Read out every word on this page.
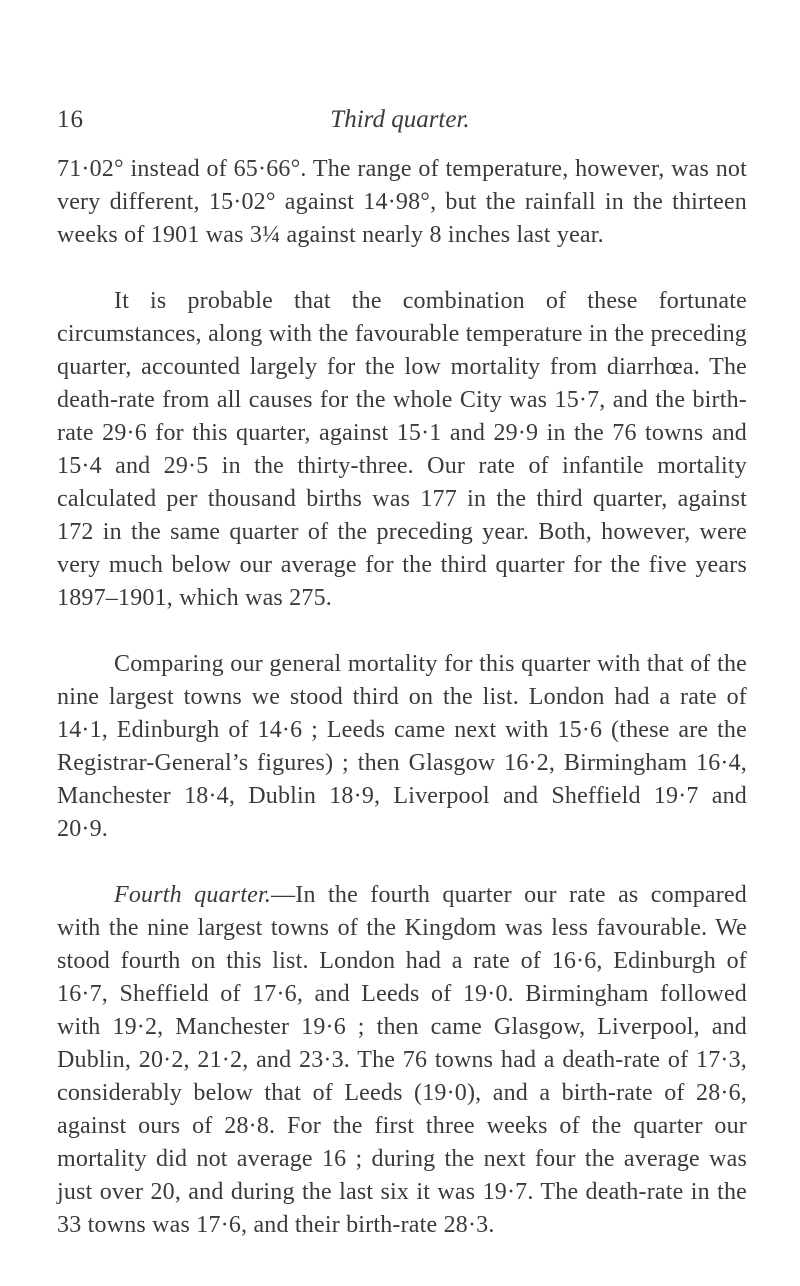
16	Third quarter.

71·02° instead of 65·66°. The range of temperature, however, was not very different, 15·02° against 14·98°, but the rainfall in the thirteen weeks of 1901 was 3¼ against nearly 8 inches last year.

It is probable that the combination of these fortunate circumstances, along with the favourable temperature in the preceding quarter, accounted largely for the low mortality from diarrhœa. The death-rate from all causes for the whole City was 15·7, and the birth-rate 29·6 for this quarter, against 15·1 and 29·9 in the 76 towns and 15·4 and 29·5 in the thirty-three. Our rate of infantile mortality calculated per thousand births was 177 in the third quarter, against 172 in the same quarter of the preceding year. Both, however, were very much below our average for the third quarter for the five years 1897–1901, which was 275.

Comparing our general mortality for this quarter with that of the nine largest towns we stood third on the list. London had a rate of 14·1, Edinburgh of 14·6 ; Leeds came next with 15·6 (these are the Registrar-General’s figures) ; then Glasgow 16·2, Birmingham 16·4, Manchester 18·4, Dublin 18·9, Liverpool and Sheffield 19·7 and 20·9.

Fourth quarter.—In the fourth quarter our rate as compared with the nine largest towns of the Kingdom was less favourable. We stood fourth on this list. London had a rate of 16·6, Edinburgh of 16·7, Sheffield of 17·6, and Leeds of 19·0. Birmingham followed with 19·2, Manchester 19·6 ; then came Glasgow, Liverpool, and Dublin, 20·2, 21·2, and 23·3. The 76 towns had a death-rate of 17·3, considerably below that of Leeds (19·0), and a birth-rate of 28·6, against ours of 28·8. For the first three weeks of the quarter our mortality did not average 16 ; during the next four the average was just over 20, and during the last six it was 19·7. The death-rate in the 33 towns was 17·6, and their birth-rate 28·3.
